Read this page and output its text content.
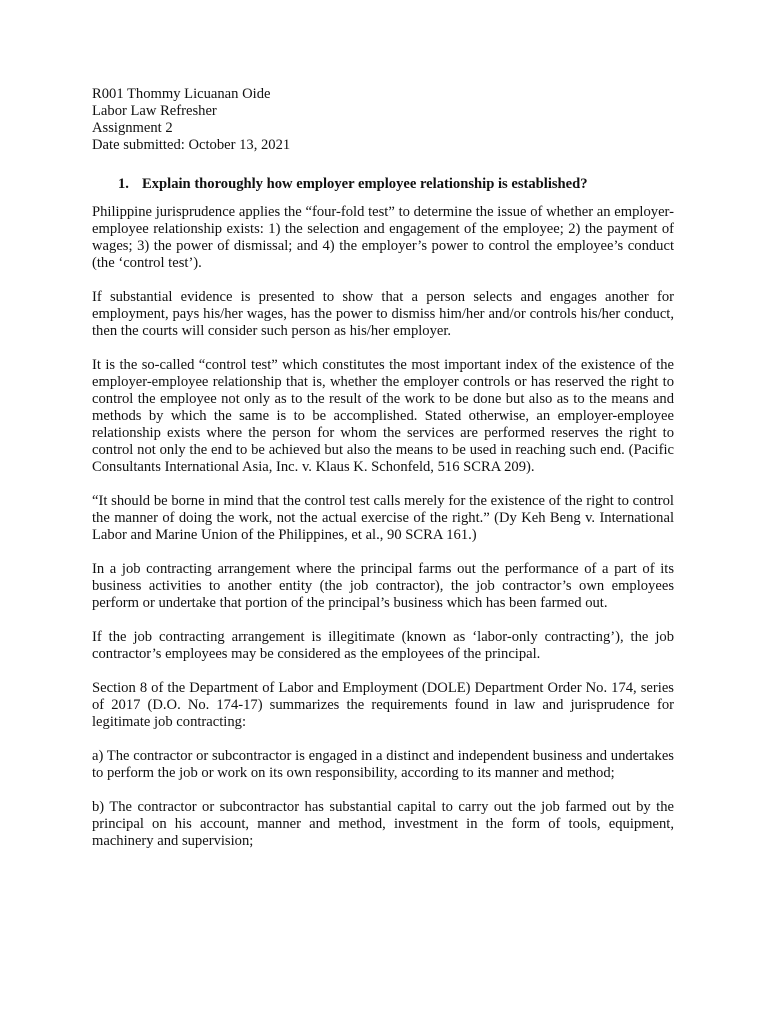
R001 Thommy Licuanan Oide

Labor Law Refresher

Assignment 2

Date submitted: October 13, 2021

1. Explain thoroughly how employer employee relationship is established?

Philippine jurisprudence applies the “four-fold test” to determine the issue of whether an employer-employee relationship exists: 1) the selection and engagement of the employee; 2) the payment of wages; 3) the power of dismissal; and 4) the employer’s power to control the employee’s conduct (the ‘control test’).

If substantial evidence is presented to show that a person selects and engages another for employment, pays his/her wages, has the power to dismiss him/her and/or controls his/her conduct, then the courts will consider such person as his/her employer.

It is the so-called “control test” which constitutes the most important index of the existence of the employer-employee relationship that is, whether the employer controls or has reserved the right to control the employee not only as to the result of the work to be done but also as to the means and methods by which the same is to be accomplished. Stated otherwise, an employer-employee relationship exists where the person for whom the services are performed reserves the right to control not only the end to be achieved but also the means to be used in reaching such end. (Pacific Consultants International Asia, Inc. v. Klaus K. Schonfeld, 516 SCRA 209).

“It should be borne in mind that the control test calls merely for the existence of the right to control the manner of doing the work, not the actual exercise of the right.” (Dy Keh Beng v. International Labor and Marine Union of the Philippines, et al., 90 SCRA 161.)

In a job contracting arrangement where the principal farms out the performance of a part of its business activities to another entity (the job contractor), the job contractor’s own employees perform or undertake that portion of the principal’s business which has been farmed out.

If the job contracting arrangement is illegitimate (known as ‘labor-only contracting’), the job contractor’s employees may be considered as the employees of the principal.

Section 8 of the Department of Labor and Employment (DOLE) Department Order No. 174, series of 2017 (D.O. No. 174-17) summarizes the requirements found in law and jurisprudence for legitimate job contracting:

a) The contractor or subcontractor is engaged in a distinct and independent business and undertakes to perform the job or work on its own responsibility, according to its manner and method;

b) The contractor or subcontractor has substantial capital to carry out the job farmed out by the principal on his account, manner and method, investment in the form of tools, equipment, machinery and supervision;
